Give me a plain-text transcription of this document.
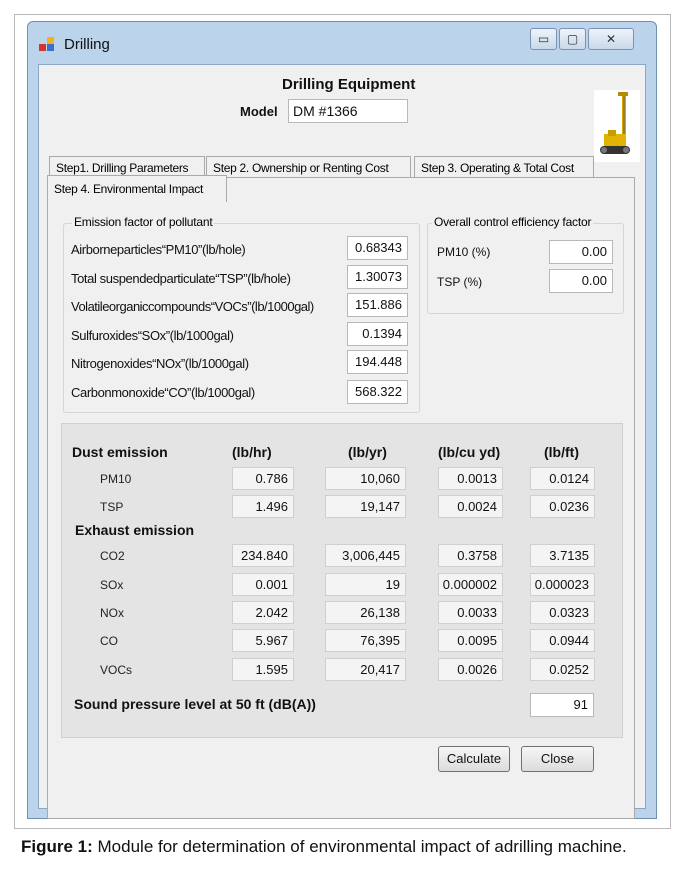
Drilling	▭	▢	✕
Drilling Equipment
Model	DM #1366
Step1. Drilling Parameters	Step 2. Ownership or Renting Cost	Step 3. Operating & Total Cost
Step 4. Environmental Impact
Emission factor of pollutant
Airborneparticles“PM10”(lb/hole)	0.68343
Total suspendedparticulate“TSP”(lb/hole)	1.30073
Volatileorganiccompounds“VOCs”(lb/1000gal)	151.886
Sulfuroxides“SOx”(lb/1000gal)	0.1394
Nitrogenoxides“NOx”(lb/1000gal)	194.448
Carbonmonoxide“CO”(lb/1000gal)	568.322
Overall control efficiency factor
PM10 (%)	0.00
TSP (%)	0.00
Dust emission	(lb/hr)	(lb/yr)	(lb/cu yd)	(lb/ft)
PM10	0.786	10,060	0.0013	0.0124
TSP	1.496	19,147	0.0024	0.0236
Exhaust emission
CO2	234.840	3,006,445	0.3758	3.7135
SOx	0.001	19	0.000002	0.000023
NOx	2.042	26,138	0.0033	0.0323
CO	5.967	76,395	0.0095	0.0944
VOCs	1.595	20,417	0.0026	0.0252
Sound pressure level at 50 ft (dB(A))	91
Calculate	Close
Figure 1: Module for determination of environmental impact of adrilling machine.
